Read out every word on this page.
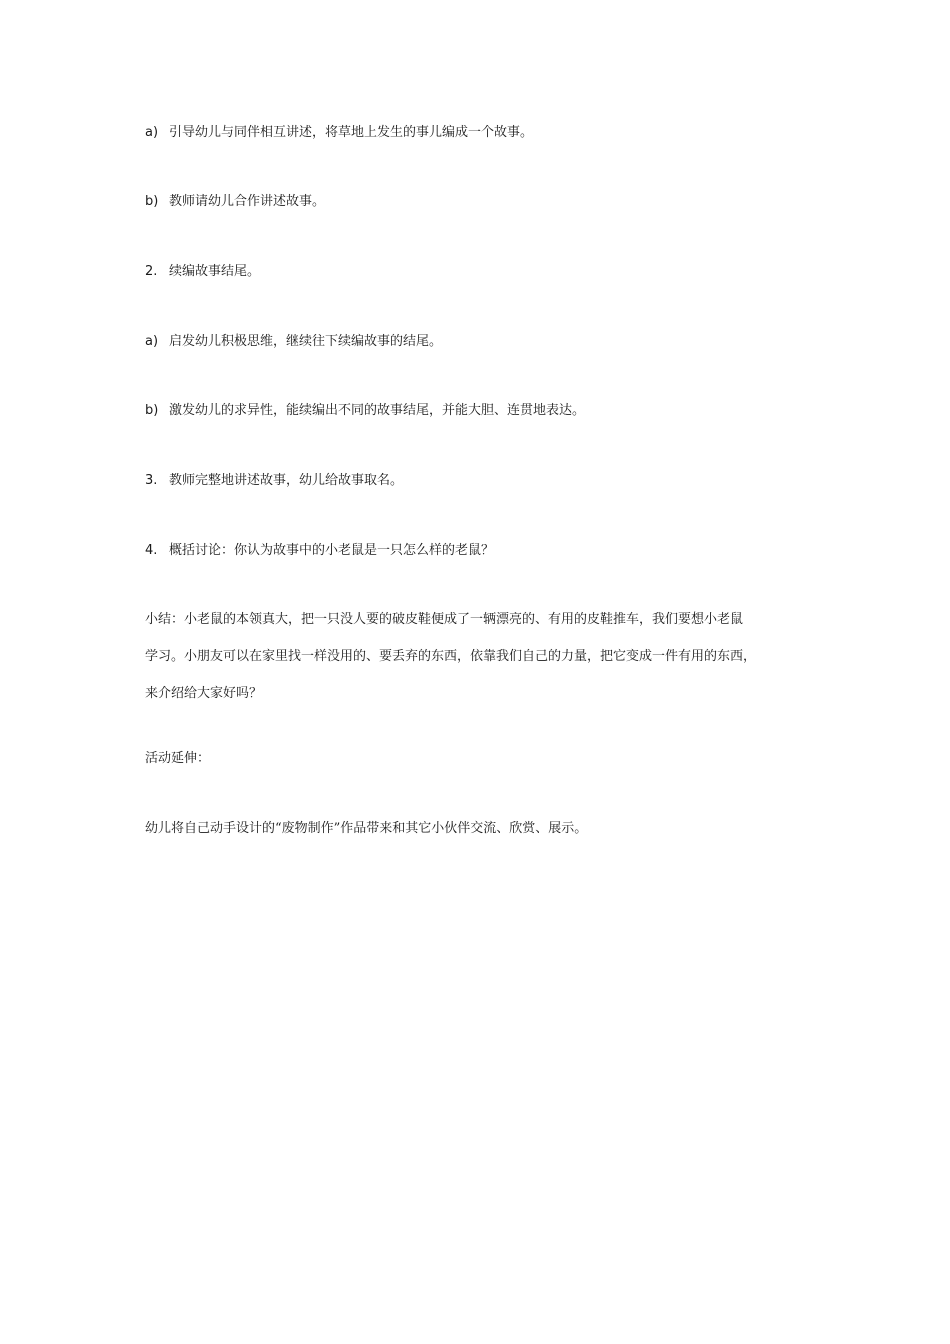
a) 引导幼儿与同伴相互讲述，将草地上发生的事儿编成一个故事。
b) 教师请幼儿合作讲述故事。
2. 续编故事结尾。
a) 启发幼儿积极思维，继续往下续编故事的结尾。
b) 激发幼儿的求异性，能续编出不同的故事结尾，并能大胆、连贯地表达。
3. 教师完整地讲述故事，幼儿给故事取名。
4. 概括讨论：你认为故事中的小老鼠是一只怎么样的老鼠？
小结：小老鼠的本领真大，把一只没人要的破皮鞋便成了一辆漂亮的、有用的皮鞋推车，我们要想小老鼠
学习。小朋友可以在家里找一样没用的、要丢弃的东西，依靠我们自己的力量，把它变成一件有用的东西，
来介绍给大家好吗？
活动延伸：
幼儿将自己动手设计的“废物制作”作品带来和其它小伙伴交流、欣赏、展示。
